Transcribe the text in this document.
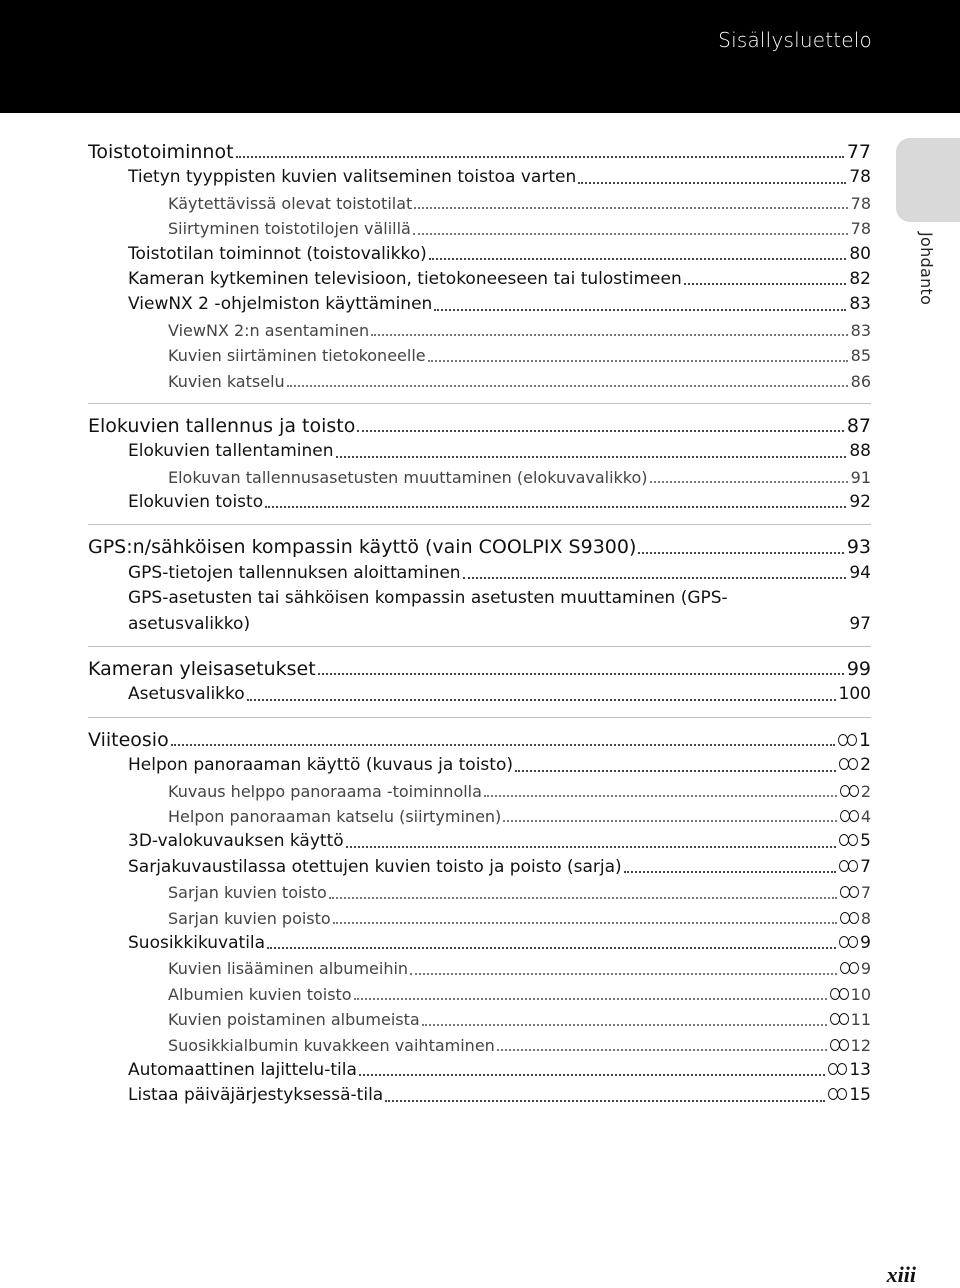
Sisällysluettelo
Johdanto
Toistotoiminnot	77
Tietyn tyyppisten kuvien valitseminen toistoa varten	78
Käytettävissä olevat toistotilat	78
Siirtyminen toistotilojen välillä	78
Toistotilan toiminnot (toistovalikko)	80
Kameran kytkeminen televisioon, tietokoneeseen tai tulostimeen	82
ViewNX 2 -ohjelmiston käyttäminen	83
ViewNX 2:n asentaminen	83
Kuvien siirtäminen tietokoneelle	85
Kuvien katselu	86
Elokuvien tallennus ja toisto	87
Elokuvien tallentaminen	88
Elokuvan tallennusasetusten muuttaminen (elokuvavalikko)	91
Elokuvien toisto	92
GPS:n/sähköisen kompassin käyttö (vain COOLPIX S9300)	93
GPS-tietojen tallennuksen aloittaminen	94
GPS-asetusten tai sähköisen kompassin asetusten muuttaminen (GPS-asetusvalikko)	97
Kameran yleisasetukset	99
Asetusvalikko	100
Viiteosio	1
Helpon panoraaman käyttö (kuvaus ja toisto)	2
Kuvaus helppo panoraama -toiminnolla	2
Helpon panoraaman katselu (siirtyminen)	4
3D-valokuvauksen käyttö	5
Sarjakuvaustilassa otettujen kuvien toisto ja poisto (sarja)	7
Sarjan kuvien toisto	7
Sarjan kuvien poisto	8
Suosikkikuvatila	9
Kuvien lisääminen albumeihin	9
Albumien kuvien toisto	10
Kuvien poistaminen albumeista	11
Suosikkialbumin kuvakkeen vaihtaminen	12
Automaattinen lajittelu-tila	13
Listaa päiväjärjestyksessä-tila	15
xiii
